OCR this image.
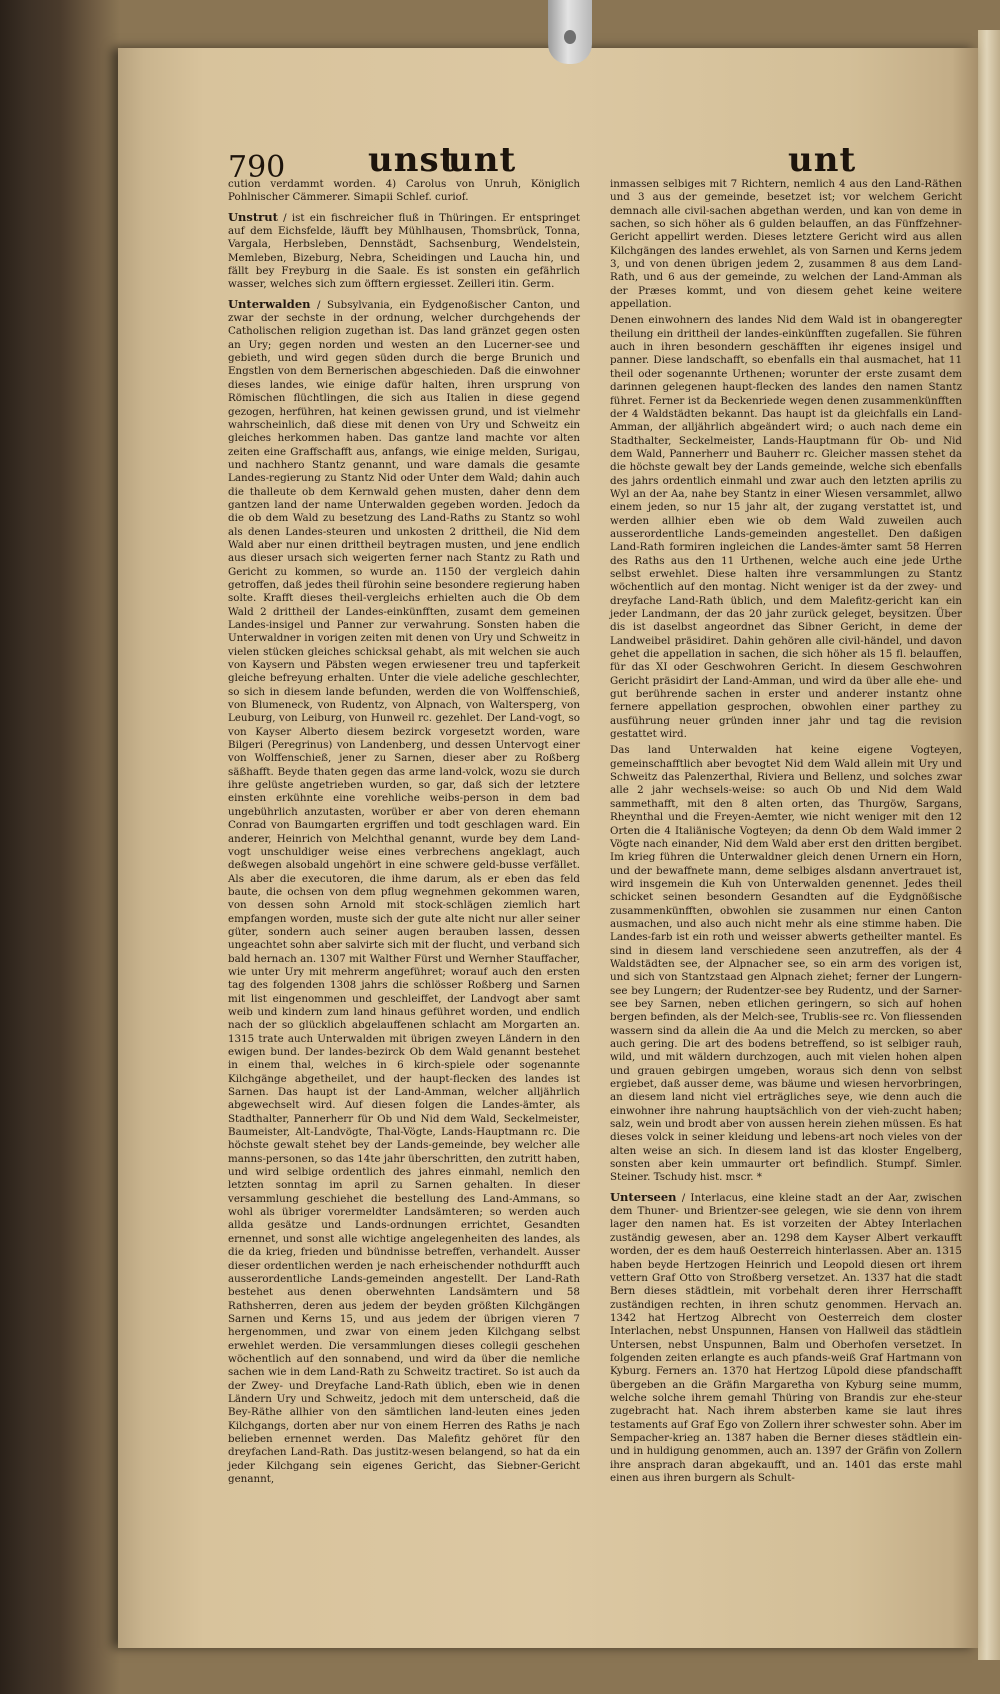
790 unst
unt	unt

cution verdammt worden. 4) Carolus von Unruh, Königlich Pohlnischer Cämmerer. Simapii Schlef. curiof.

Unstrut / ist ein fischreicher fluß in Thüringen. Er entspringet auf dem Eichsfelde, läufft bey Mühlhausen, Thomsbrück, Tonna, Vargala, Herbsleben, Dennstädt, Sachsenburg, Wendelstein, Memleben, Bizeburg, Nebra, Scheidingen und Laucha hin, und fällt bey Freyburg in die Saale. Es ist sonsten ein gefährlich wasser, welches sich zum öfftern ergiesset. Zeilleri itin. Germ.

Unterwalden / Subsylvania, ein Eydgenoßischer Canton, und zwar der sechste in der ordnung, welcher durchgehends der Catholischen religion zugethan ist. Das land gränzet gegen osten an Ury; gegen norden und westen an den Lucerner-see und gebieth, und wird gegen süden durch die berge Brunich und Engstlen von dem Bernerischen abgeschieden. Daß die einwohner dieses landes, wie einige dafür halten, ihren ursprung von Römischen flüchtlingen, die sich aus Italien in diese gegend gezogen, herführen, hat keinen gewissen grund, und ist vielmehr wahrscheinlich, daß diese mit denen von Ury und Schweitz ein gleiches herkommen haben. Das gantze land machte vor alten zeiten eine Graffschafft aus, anfangs, wie einige melden, Surigau, und nachhero Stantz genannt, und ware damals die gesamte Landes-regierung zu Stantz Nid oder Unter dem Wald; dahin auch die thalleute ob dem Kernwald gehen musten, daher denn dem gantzen land der name Unterwalden gegeben worden. Jedoch da die ob dem Wald zu besetzung des Land-Raths zu Stantz so wohl als denen Landes-steuren und unkosten 2 drittheil, die Nid dem Wald aber nur einen drittheil beytragen musten, und jene endlich aus dieser ursach sich weigerten ferner nach Stantz zu Rath und Gericht zu kommen, so wurde an. 1150 der vergleich dahin getroffen, daß jedes theil fürohin seine besondere regierung haben solte. Krafft dieses theil-vergleichs erhielten auch die Ob dem Wald 2 drittheil der Landes-einkünfften, zusamt dem gemeinen Landes-insigel und Panner zur verwahrung. Sonsten haben die Unterwaldner in vorigen zeiten mit denen von Ury und Schweitz in vielen stücken gleiches schicksal gehabt, als mit welchen sie auch von Kaysern und Päbsten wegen erwiesener treu und tapferkeit gleiche befreyung erhalten. Unter die viele adeliche geschlechter, so sich in diesem lande befunden, werden die von Wolffenschieß, von Blumeneck, von Rudentz, von Alpnach, von Waltersperg, von Leuburg, von Leiburg, von Hunweil rc. gezehlet. Der Land-vogt, so von Kayser Alberto diesem bezirck vorgesetzt worden, ware Bilgeri (Peregrinus) von Landenberg, und dessen Untervogt einer von Wolffenschieß, jener zu Sarnen, dieser aber zu Roßberg säßhafft. Beyde thaten gegen das arme land-volck, wozu sie durch ihre gelüste angetrieben wurden, so gar, daß sich der letztere einsten erkühnte eine vorehliche weibs-person in dem bad ungebührlich anzutasten, worüber er aber von deren ehemann Conrad von Baumgarten ergriffen und todt geschlagen ward. Ein anderer, Heinrich von Melchthal genannt, wurde bey dem Land-vogt unschuldiger weise eines verbrechens angeklagt, auch deßwegen alsobald ungehört in eine schwere geld-busse verfället. Als aber die executoren, die ihme darum, als er eben das feld baute, die ochsen von dem pflug wegnehmen gekommen waren, von dessen sohn Arnold mit stock-schlägen ziemlich hart empfangen worden, muste sich der gute alte nicht nur aller seiner güter, sondern auch seiner augen berauben lassen, dessen ungeachtet sohn aber salvirte sich mit der flucht, und verband sich bald hernach an. 1307 mit Walther Fürst und Wernher Stauffacher, wie unter Ury mit mehrerm angeführet; worauf auch den ersten tag des folgenden 1308 jahrs die schlösser Roßberg und Sarnen mit list eingenommen und geschleiffet, der Landvogt aber samt weib und kindern zum land hinaus geführet worden, und endlich nach der so glücklich abgelauffenen schlacht am Morgarten an. 1315 trate auch Unterwalden mit übrigen zweyen Ländern in den ewigen bund. Der landes-bezirck Ob dem Wald genannt bestehet in einem thal, welches in 6 kirch-spiele oder sogenannte Kilchgänge abgetheilet, und der haupt-flecken des landes ist Sarnen. Das haupt ist der Land-Amman, welcher alljährlich abgewechselt wird. Auf diesen folgen die Landes-ämter, als Stadthalter, Pannerherr für Ob und Nid dem Wald, Seckelmeister, Baumeister, Alt-Landvögte, Thal-Vögte, Lands-Hauptmann rc. Die höchste gewalt stehet bey der Lands-gemeinde, bey welcher alle manns-personen, so das 14te jahr überschritten, den zutritt haben, und wird selbige ordentlich des jahres einmahl, nemlich den letzten sonntag im april zu Sarnen gehalten. In dieser versammlung geschiehet die bestellung des Land-Ammans, so wohl als übriger vorermeldter Landsämteren; so werden auch allda gesätze und Lands-ordnungen errichtet, Gesandten ernennet, und sonst alle wichtige angelegenheiten des landes, als die da krieg, frieden und bündnisse betreffen, verhandelt. Ausser dieser ordentlichen werden je nach erheischender nothdurfft auch ausserordentliche Lands-gemeinden angestellt. Der Land-Rath bestehet aus denen oberwehnten Landsämtern und 58 Rathsherren, deren aus jedem der beyden größten Kilchgängen Sarnen und Kerns 15, und aus jedem der übrigen vieren 7 hergenommen, und zwar von einem jeden Kilchgang selbst erwehlet werden. Die versammlungen dieses collegii geschehen wöchentlich auf den sonnabend, und wird da über die nemliche sachen wie in dem Land-Rath zu Schweitz tractiret. So ist auch da der Zwey- und Dreyfache Land-Rath üblich, eben wie in denen Ländern Ury und Schweitz, jedoch mit dem unterscheid, daß die Bey-Räthe allhier von den sämtlichen land-leuten eines jeden Kilchgangs, dorten aber nur von einem Herren des Raths je nach belieben ernennet werden. Das Malefitz gehöret für den dreyfachen Land-Rath. Das justitz-wesen belangend, so hat da ein jeder Kilchgang sein eigenes Gericht, das Siebner-Gericht genannt,

inmassen selbiges mit 7 Richtern, nemlich 4 aus den Land-Räthen und 3 aus der gemeinde, besetzet ist; vor welchem Gericht demnach alle civil-sachen abgethan werden, und kan von deme in sachen, so sich höher als 6 gulden belauffen, an das Fünffzehner-Gericht appellirt werden. Dieses letztere Gericht wird aus allen Kilchgängen des landes erwehlet, als von Sarnen und Kerns jedem 3, und von denen übrigen jedem 2, zusammen 8 aus dem Land-Rath, und 6 aus der gemeinde, zu welchen der Land-Amman als der Præses kommt, und von diesem gehet keine weitere appellation.

Denen einwohnern des landes Nid dem Wald ist in obangeregter theilung ein drittheil der landes-einkünfften zugefallen. Sie führen auch in ihren besondern geschäfften ihr eigenes insigel und panner. Diese landschafft, so ebenfalls ein thal ausmachet, hat 11 theil oder sogenannte Urthenen; worunter der erste zusamt dem darinnen gelegenen haupt-flecken des landes den namen Stantz führet. Ferner ist da Beckenriede wegen denen zusammenkünfften der 4 Waldstädten bekannt. Das haupt ist da gleichfalls ein Land-Amman, der alljährlich abgeändert wird; o auch nach deme ein Stadthalter, Seckelmeister, Lands-Hauptmann für Ob- und Nid dem Wald, Pannerherr und Bauherr rc. Gleicher massen stehet da die höchste gewalt bey der Lands gemeinde, welche sich ebenfalls des jahrs ordentlich einmahl und zwar auch den letzten aprilis zu Wyl an der Aa, nahe bey Stantz in einer Wiesen versammlet, allwo einem jeden, so nur 15 jahr alt, der zugang verstattet ist, und werden allhier eben wie ob dem Wald zuweilen auch ausserordentliche Lands-gemeinden angestellet. Den daßigen Land-Rath formiren ingleichen die Landes-ämter samt 58 Herren des Raths aus den 11 Urthenen, welche auch eine jede Urthe selbst erwehlet. Diese halten ihre versammlungen zu Stantz wöchentlich auf den montag. Nicht weniger ist da der zwey- und dreyfache Land-Rath üblich, und dem Malefitz-gericht kan ein jeder Landmann, der das 20 jahr zurück geleget, beysitzen. Über dis ist daselbst angeordnet das Sibner Gericht, in deme der Landweibel präsidiret. Dahin gehören alle civil-händel, und davon gehet die appellation in sachen, die sich höher als 15 fl. belauffen, für das XI oder Geschwohren Gericht. In diesem Geschwohren Gericht präsidirt der Land-Amman, und wird da über alle ehe- und gut berührende sachen in erster und anderer instantz ohne fernere appellation gesprochen, obwohlen einer parthey zu ausführung neuer gründen inner jahr und tag die revision gestattet wird.

Das land Unterwalden hat keine eigene Vogteyen, gemeinschafftlich aber bevogtet Nid dem Wald allein mit Ury und Schweitz das Palenzerthal, Riviera und Bellenz, und solches zwar alle 2 jahr wechsels-weise: so auch Ob und Nid dem Wald sammethafft, mit den 8 alten orten, das Thurgöw, Sargans, Rheynthal und die Freyen-Aemter, wie nicht weniger mit den 12 Orten die 4 Italiänische Vogteyen; da denn Ob dem Wald immer 2 Vögte nach einander, Nid dem Wald aber erst den dritten bergibet. Im krieg führen die Unterwaldner gleich denen Urnern ein Horn, und der bewaffnete mann, deme selbiges alsdann anvertrauet ist, wird insgemein die Kuh von Unterwalden genennet. Jedes theil schicket seinen besondern Gesandten auf die Eydgnößische zusammenkünfften, obwohlen sie zusammen nur einen Canton ausmachen, und also auch nicht mehr als eine stimme haben. Die Landes-farb ist ein roth und weisser abwerts getheilter mantel. Es sind in diesem land verschiedene seen anzutreffen, als der 4 Waldstädten see, der Alpnacher see, so ein arm des vorigen ist, und sich von Stantzstaad gen Alpnach ziehet; ferner der Lungern-see bey Lungern; der Rudentzer-see bey Rudentz, und der Sarner-see bey Sarnen, neben etlichen geringern, so sich auf hohen bergen befinden, als der Melch-see, Trublis-see rc. Von fliessenden wassern sind da allein die Aa und die Melch zu mercken, so aber auch gering. Die art des bodens betreffend, so ist selbiger rauh, wild, und mit wäldern durchzogen, auch mit vielen hohen alpen und grauen gebirgen umgeben, woraus sich denn von selbst ergiebet, daß ausser deme, was bäume und wiesen hervorbringen, an diesem land nicht viel erträgliches seye, wie denn auch die einwohner ihre nahrung hauptsächlich von der vieh-zucht haben; salz, wein und brodt aber von aussen herein ziehen müssen. Es hat dieses volck in seiner kleidung und lebens-art noch vieles von der alten weise an sich. In diesem land ist das kloster Engelberg, sonsten aber kein ummaurter ort befindlich. Stumpf. Simler. Steiner. Tschudy hist. mscr. *

Unterseen / Interlacus, eine kleine stadt an der Aar, zwischen dem Thuner- und Brientzer-see gelegen, wie sie denn von ihrem lager den namen hat. Es ist vorzeiten der Abtey Interlachen zuständig gewesen, aber an. 1298 dem Kayser Albert verkaufft worden, der es dem hauß Oesterreich hinterlassen. Aber an. 1315 haben beyde Hertzogen Heinrich und Leopold diesen ort ihrem vettern Graf Otto von Stroßberg versetzet. An. 1337 hat die stadt Bern dieses städtlein, mit vorbehalt deren ihrer Herrschafft zuständigen rechten, in ihren schutz genommen. Hervach an. 1342 hat Hertzog Albrecht von Oesterreich dem closter Interlachen, nebst Unspunnen, Hansen von Hallweil das städtlein Untersen, nebst Unspunnen, Balm und Oberhofen versetzet. In folgenden zeiten erlangte es auch pfands-weiß Graf Hartmann von Kyburg. Ferners an. 1370 hat Hertzog Lüpold diese pfandschafft übergeben an die Gräfin Margaretha von Kyburg seine mumm, welche solche ihrem gemahl Thüring von Brandis zur ehe-steur zugebracht hat. Nach ihrem absterben kame sie laut ihres testaments auf Graf Ego von Zollern ihrer schwester sohn. Aber im Sempacher-krieg an. 1387 haben die Berner dieses städtlein ein- und in huldigung genommen, auch an. 1397 der Gräfin von Zollern ihre ansprach daran abgekaufft, und an. 1401 das erste mahl einen aus ihren burgern als Schult-
